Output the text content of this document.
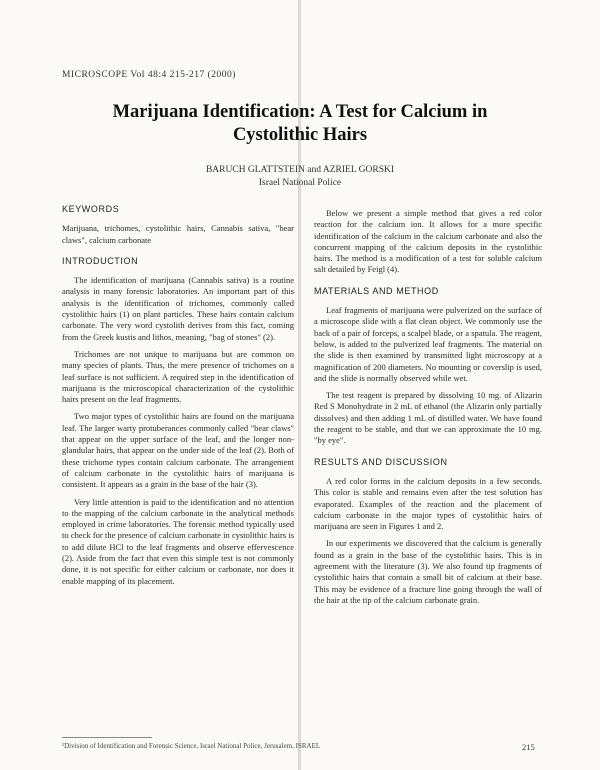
MICROSCOPE Vol 48:4 215-217 (2000)
Marijuana Identification: A Test for Calcium in
Cystolithic Hairs
BARUCH GLATTSTEIN and AZRIEL GORSKI
Israel National Police
KEYWORDS

Marijuana, trichomes, cystolithic hairs, Cannabis sativa, "bear claws", calcium carbonate

INTRODUCTION

The identification of marijuana (Cannabis sativa) is a routine analysis in many forensic laboratories. An important part of this analysis is the identification of trichomes, commonly called cystolithic hairs (1) on plant particles. These hairs contain calcium carbonate. The very word cystolith derives from this fact, coming from the Greek kustis and lithos, meaning, "bag of stones" (2).

Trichomes are not unique to marijuana but are common on many species of plants. Thus, the mere presence of trichomes on a leaf surface is not sufficient. A required step in the identification of marijuana is the microscopical characterization of the cystolithic hairs present on the leaf fragments.

Two major types of cystolithic hairs are found on the marijuana leaf. The larger warty protuberances commonly called "bear claws" that appear on the upper surface of the leaf, and the longer non-glandular hairs, that appear on the under side of the leaf (2). Both of these trichome types contain calcium carbonate. The arrangement of calcium carbonate in the cystolithic hairs of marijuana is consistent. It appears as a grain in the base of the hair (3).

Very little attention is paid to the identification and no attention to the mapping of the calcium carbonate in the analytical methods employed in crime laboratories. The forensic method typically used to check for the presence of calcium carbonate in cystolithic hairs is to add dilute HCl to the leaf fragments and observe effervescence (2). Aside from the fact that even this simple test is not commonly done, it is not specific for either calcium or carbonate, nor does it enable mapping of its placement.

Below we present a simple method that gives a red color reaction for the calcium ion. It allows for a more specific identification of the calcium in the calcium carbonate and also the concurrent mapping of the calcium deposits in the cystolithic hairs. The method is a modification of a test for soluble calcium salt detailed by Feigl (4).

MATERIALS AND METHOD

Leaf fragments of marijuana were pulverized on the surface of a microscope slide with a flat clean object. We commonly use the back of a pair of forceps, a scalpel blade, or a spatula. The reagent, below, is added to the pulverized leaf fragments. The material on the slide is then examined by transmitted light microscopy at a magnification of 200 diameters. No mounting or coverslip is used, and the slide is normally observed while wet.

The test reagent is prepared by dissolving 10 mg. of Alizarin Red S Monohydrate in 2 mL of ethanol (the Alizarin only partially dissolves) and then adding 1 mL of distilled water. We have found the reagent to be stable, and that we can approximate the 10 mg. "by eye".

RESULTS AND DISCUSSION

A red color forms in the calcium deposits in a few seconds. This color is stable and remains even after the test solution has evaporated. Examples of the reaction and the placement of calcium carbonate in the major types of cystolithic hairs of marijuana are seen in Figures 1 and 2.

In our experiments we discovered that the calcium is generally found as a grain in the base of the cystolithic hairs. This is in agreement with the literature (3). We also found tip fragments of cystolithic hairs that contain a small bit of calcium at their base. This may be evidence of a fracture line going through the wall of the hair at the tip of the calcium carbonate grain.

¹Division of Identification and Forensic Science, Israel National Police, Jerusalem, ISRAEL	215
